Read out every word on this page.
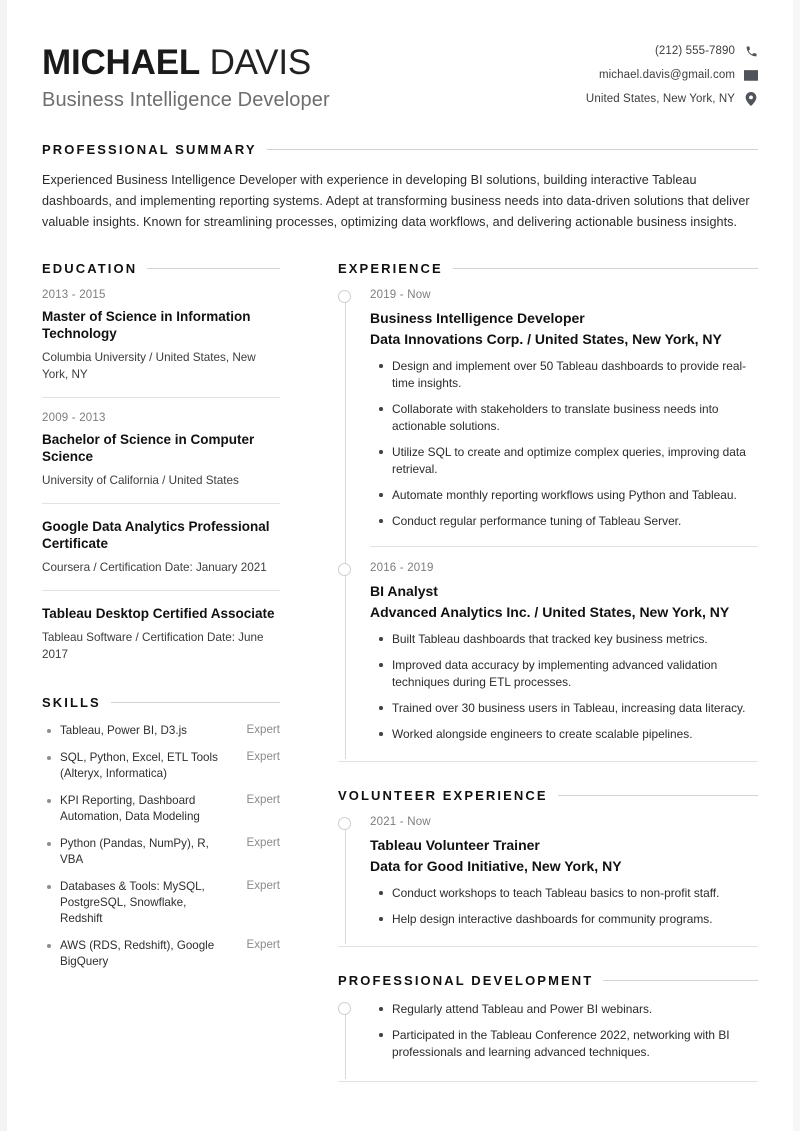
MICHAEL DAVIS
Business Intelligence Developer
(212) 555-7890
michael.davis@gmail.com
United States, New York, NY
PROFESSIONAL SUMMARY
Experienced Business Intelligence Developer with experience in developing BI solutions, building interactive Tableau dashboards, and implementing reporting systems. Adept at transforming business needs into data-driven solutions that deliver valuable insights. Known for streamlining processes, optimizing data workflows, and delivering actionable business insights.
EDUCATION
2013 - 2015
Master of Science in Information Technology
Columbia University / United States, New York, NY
2009 - 2013
Bachelor of Science in Computer Science
University of California / United States
Google Data Analytics Professional Certificate
Coursera / Certification Date: January 2021
Tableau Desktop Certified Associate
Tableau Software / Certification Date: June 2017
SKILLS
Tableau, Power BI, D3.js	Expert
SQL, Python, Excel, ETL Tools (Alteryx, Informatica)
Expert
KPI Reporting, Dashboard Automation, Data Modeling
Expert
Python (Pandas, NumPy), R, VBA
Expert
Databases & Tools: MySQL, PostgreSQL, Snowflake, Redshift
Expert
AWS (RDS, Redshift), Google BigQuery
Expert
EXPERIENCE
2019 - Now
Business Intelligence Developer
Data Innovations Corp. / United States, New York, NY
Design and implement over 50 Tableau dashboards to provide real-time insights.
Collaborate with stakeholders to translate business needs into actionable solutions.
Utilize SQL to create and optimize complex queries, improving data retrieval.
Automate monthly reporting workflows using Python and Tableau.
Conduct regular performance tuning of Tableau Server.
2016 - 2019
BI Analyst
Advanced Analytics Inc. / United States, New York, NY
Built Tableau dashboards that tracked key business metrics.
Improved data accuracy by implementing advanced validation techniques during ETL processes.
Trained over 30 business users in Tableau, increasing data literacy.
Worked alongside engineers to create scalable pipelines.
VOLUNTEER EXPERIENCE
2021 - Now
Tableau Volunteer Trainer
Data for Good Initiative, New York, NY
Conduct workshops to teach Tableau basics to non-profit staff.
Help design interactive dashboards for community programs.
PROFESSIONAL DEVELOPMENT
Regularly attend Tableau and Power BI webinars.
Participated in the Tableau Conference 2022, networking with BI professionals and learning advanced techniques.
